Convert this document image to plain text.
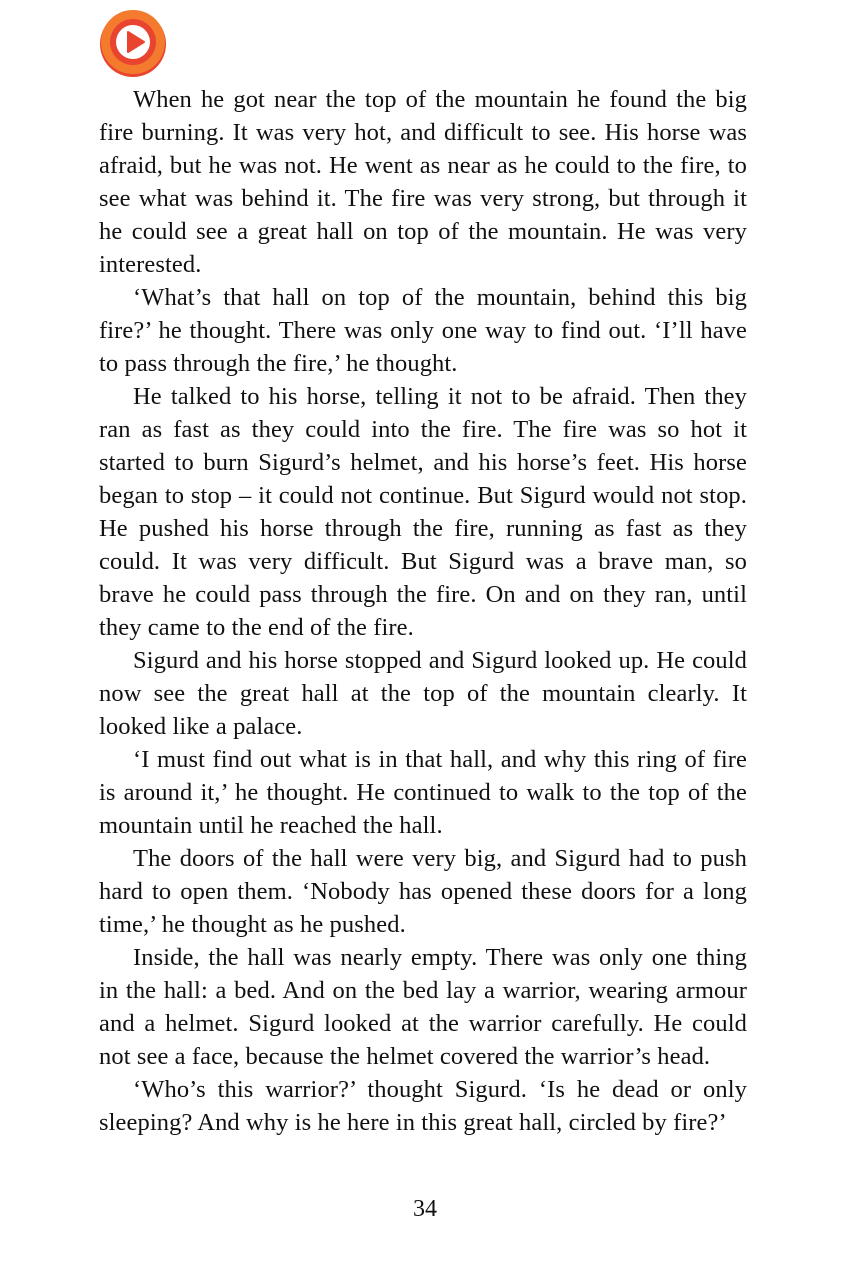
When he got near the top of the mountain he found the big fire burning. It was very hot, and difficult to see. His horse was afraid, but he was not. He went as near as he could to the fire, to see what was behind it. The fire was very strong, but through it he could see a great hall on top of the mountain. He was very interested.

‘What’s that hall on top of the mountain, behind this big fire?’ he thought. There was only one way to find out. ‘I’ll have to pass through the fire,’ he thought.

He talked to his horse, telling it not to be afraid. Then they ran as fast as they could into the fire. The fire was so hot it started to burn Sigurd’s helmet, and his horse’s feet. His horse began to stop – it could not continue. But Sigurd would not stop. He pushed his horse through the fire, running as fast as they could. It was very difficult. But Sigurd was a brave man, so brave he could pass through the fire. On and on they ran, until they came to the end of the fire.

Sigurd and his horse stopped and Sigurd looked up. He could now see the great hall at the top of the mountain clearly. It looked like a palace.

‘I must find out what is in that hall, and why this ring of fire is around it,’ he thought. He continued to walk to the top of the mountain until he reached the hall.

The doors of the hall were very big, and Sigurd had to push hard to open them. ‘Nobody has opened these doors for a long time,’ he thought as he pushed.

Inside, the hall was nearly empty. There was only one thing in the hall: a bed. And on the bed lay a warrior, wearing armour and a helmet. Sigurd looked at the warrior carefully. He could not see a face, because the helmet covered the warrior’s head.

‘Who’s this warrior?’ thought Sigurd. ‘Is he dead or only sleeping? And why is he here in this great hall, circled by fire?’

34
